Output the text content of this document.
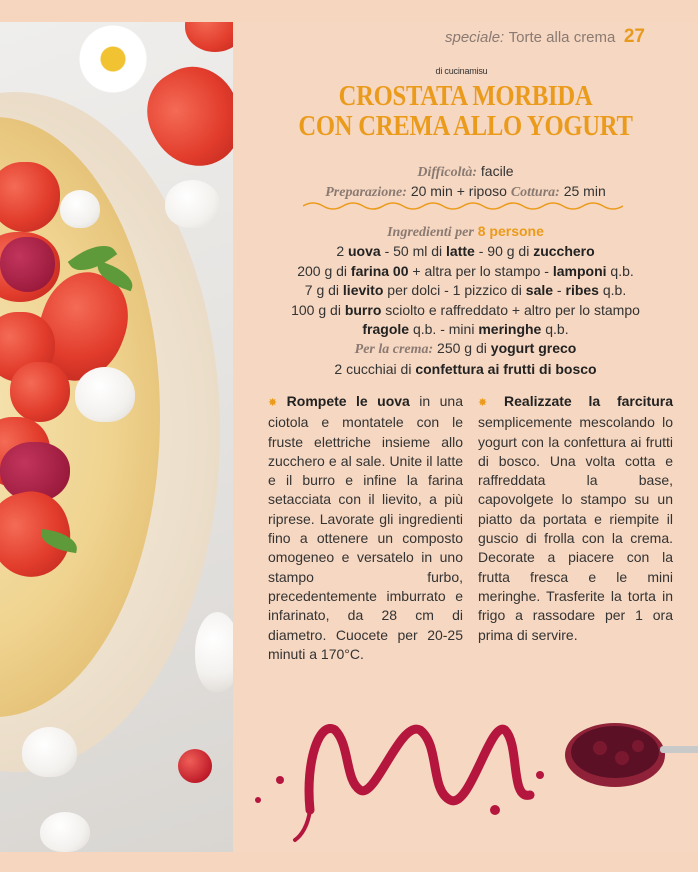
speciale: Torte alla crema 27
di cucinamisu
CROSTATA MORBIDA
CON CREMA ALLO YOGURT
Difficoltà: facile
Preparazione: 20 min + riposo Cottura: 25 min
Ingredienti per 8 persone
2 uova - 50 ml di latte - 90 g di zucchero
200 g di farina 00 + altra per lo stampo - lamponi q.b.
7 g di lievito per dolci - 1 pizzico di sale - ribes q.b.
100 g di burro sciolto e raffreddato + altro per lo stampo
fragole q.b. - mini meringhe q.b.
Per la crema: 250 g di yogurt greco
2 cucchiai di confettura ai frutti di bosco
✸ Rompete le uova in una ciotola e montatele con le fruste elettriche insieme allo zucchero e al sale. Unite il latte e il burro e infine la farina setacciata con il lievito, a più riprese. Lavorate gli ingredienti fino a ottenere un composto omogeneo e versatelo in uno stampo furbo, precedentemente imburrato e infarinato, da 28 cm di diametro. Cuocete per 20-25 minuti a 170°C.
✸ Realizzate la farcitura semplicemente mescolando lo yogurt con la confettura ai frutti di bosco. Una volta cotta e raffreddata la base, capovolgete lo stampo su un piatto da portata e riempite il guscio di frolla con la crema. Decorate a piacere con la frutta fresca e le mini meringhe. Trasferite la torta in frigo a rassodare per 1 ora prima di servire.
